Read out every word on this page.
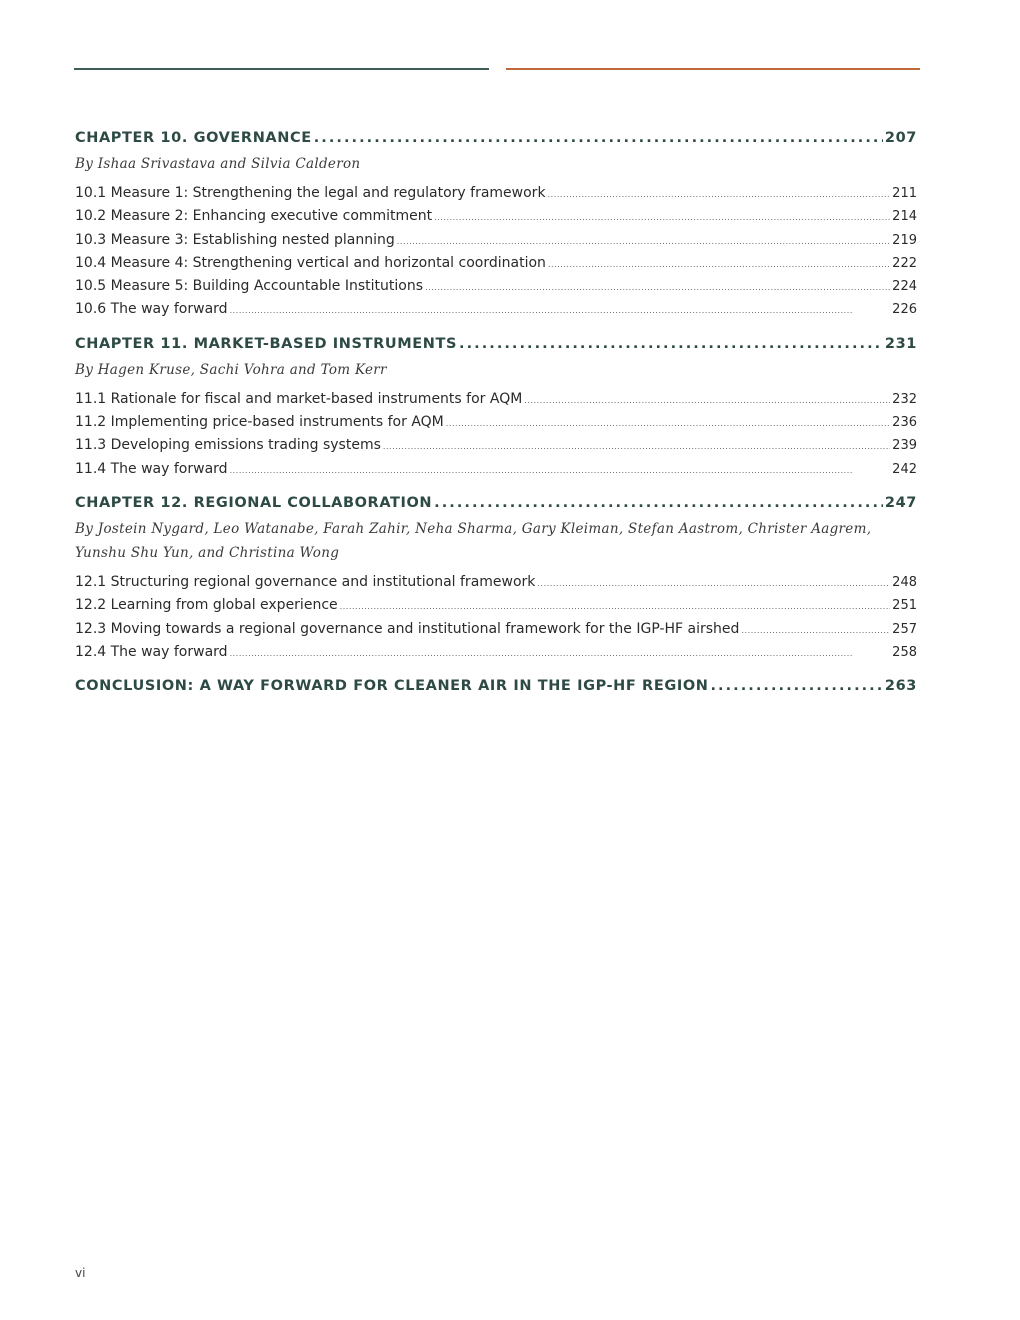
CHAPTER 10. GOVERNANCE . . .	207
By Ishaa Srivastava and Silvia Calderon
10.1 Measure 1: Strengthening the legal and regulatory framework . . .	211
10.2 Measure 2: Enhancing executive commitment . . .	214
10.3 Measure 3: Establishing nested planning . . .	219
10.4 Measure 4: Strengthening vertical and horizontal coordination . . .	222
10.5 Measure 5: Building Accountable Institutions . . .	224
10.6 The way forward . . .	226
CHAPTER 11. MARKET-BASED INSTRUMENTS . . .	231
By Hagen Kruse, Sachi Vohra and Tom Kerr
11.1 Rationale for fiscal and market-based instruments for AQM . . .	232
11.2 Implementing price-based instruments for AQM . . .	236
11.3 Developing emissions trading systems . . .	239
11.4 The way forward . . .	242
CHAPTER 12. REGIONAL COLLABORATION . . .	247
By Jostein Nygard, Leo Watanabe, Farah Zahir, Neha Sharma, Gary Kleiman, Stefan Aastrom, Christer Aagrem,
Yunshu Shu Yun, and Christina Wong
12.1 Structuring regional governance and institutional framework . . .	248
12.2 Learning from global experience . . .	251
12.3 Moving towards a regional governance and institutional framework for the IGP-HF airshed . . .	257
12.4 The way forward . . .	258
CONCLUSION: A WAY FORWARD FOR CLEANER AIR IN THE IGP-HF REGION . . .	263
vi
